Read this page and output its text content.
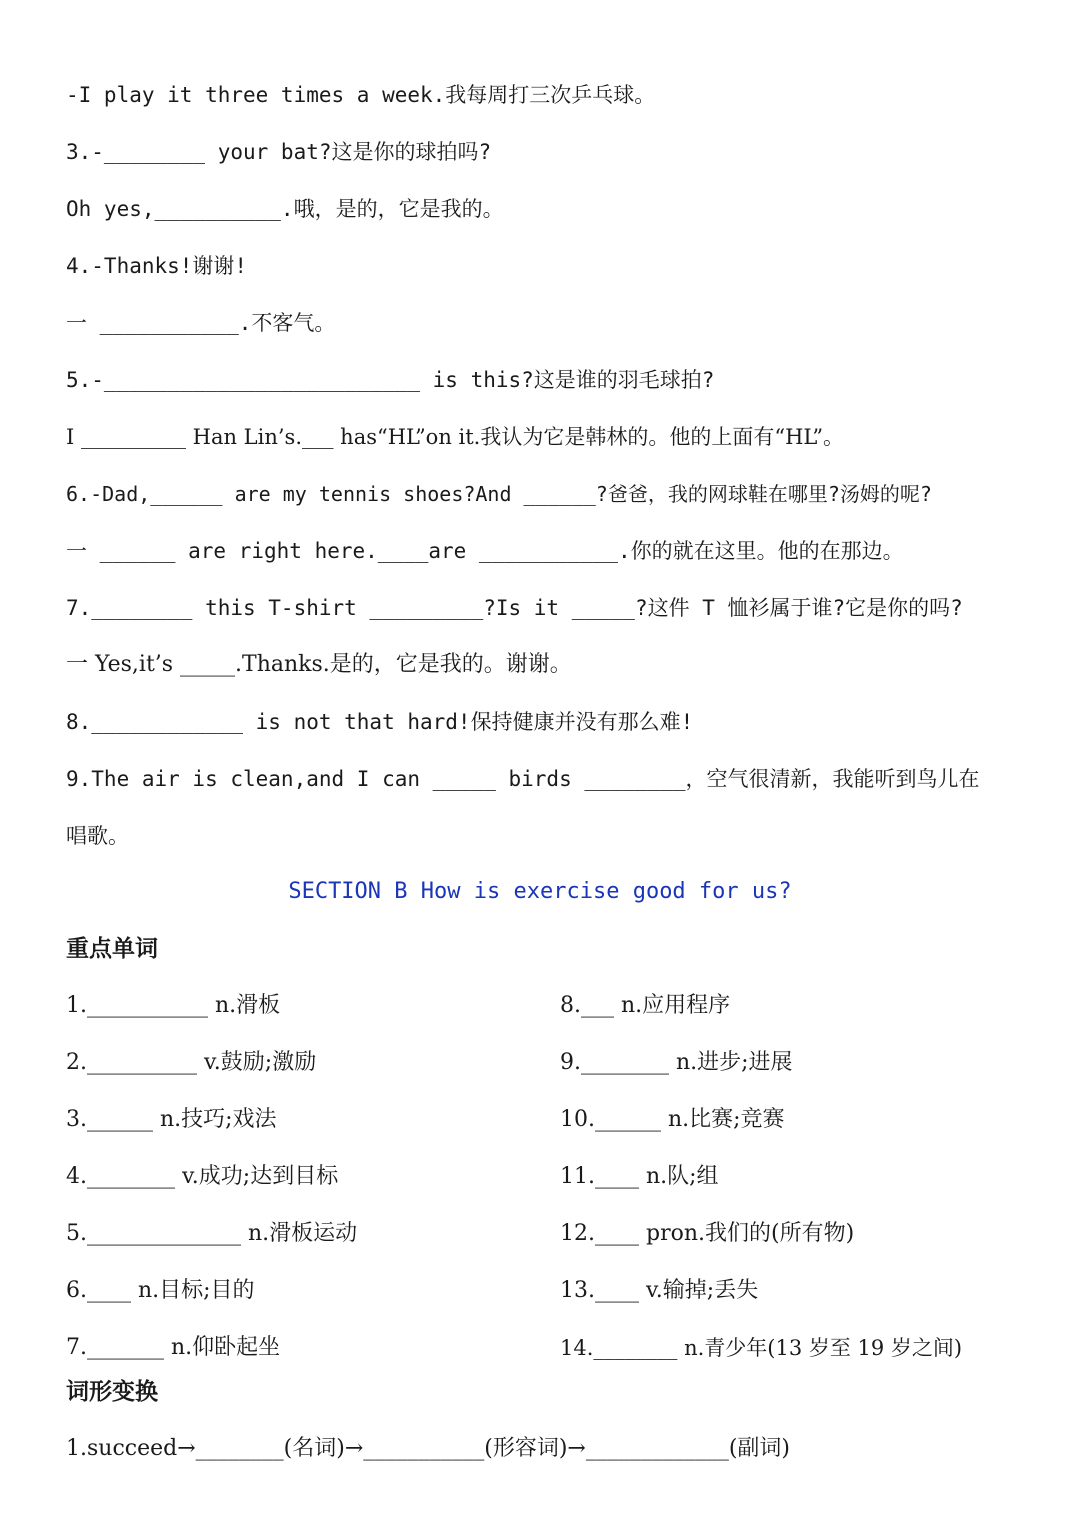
-I play it three times a week.我每周打三次乒乓球。
3.-________ your bat?这是你的球拍吗?
Oh yes,__________.哦，是的，它是我的。
4.-Thanks!谢谢!
一 ___________.不客气。
5.-_________________________ is this?这是谁的羽毛球拍?
I __________ Han Lin’s.___ has“HL”on it.我认为它是韩林的。他的上面有“HL”。
6.-Dad,______ are my tennis shoes?And ______?爸爸，我的网球鞋在哪里?汤姆的呢?
一 ______ are right here.____are ___________.你的就在这里。他的在那边。
7.________ this T-shirt _________?Is it _____?这件 T 恤衫属于谁?它是你的吗?
一 Yes,it’s _____.Thanks.是的，它是我的。谢谢。
8.____________ is not that hard!保持健康并没有那么难!
9.The air is clean,and I can _____ birds ________，空气很清新，我能听到鸟儿在
唱歌。
SECTION B How is exercise good for us?
重点单词
1.___________ n.滑板
2.__________ v.鼓励;激励
3.______ n.技巧;戏法
4.________ v.成功;达到目标
5.______________ n.滑板运动
6.____ n.目标;目的
7._______ n.仰卧起坐
8.___ n.应用程序
9.________ n.进步;进展
10.______ n.比赛;竞赛
11.____ n.队;组
12.____ pron.我们的(所有物)
13.____ v.输掉;丢失
14.________ n.青少年(13 岁至 19 岁之间)
词形变换
1.succeed→________(名词)→___________(形容词)→_____________(副词)
